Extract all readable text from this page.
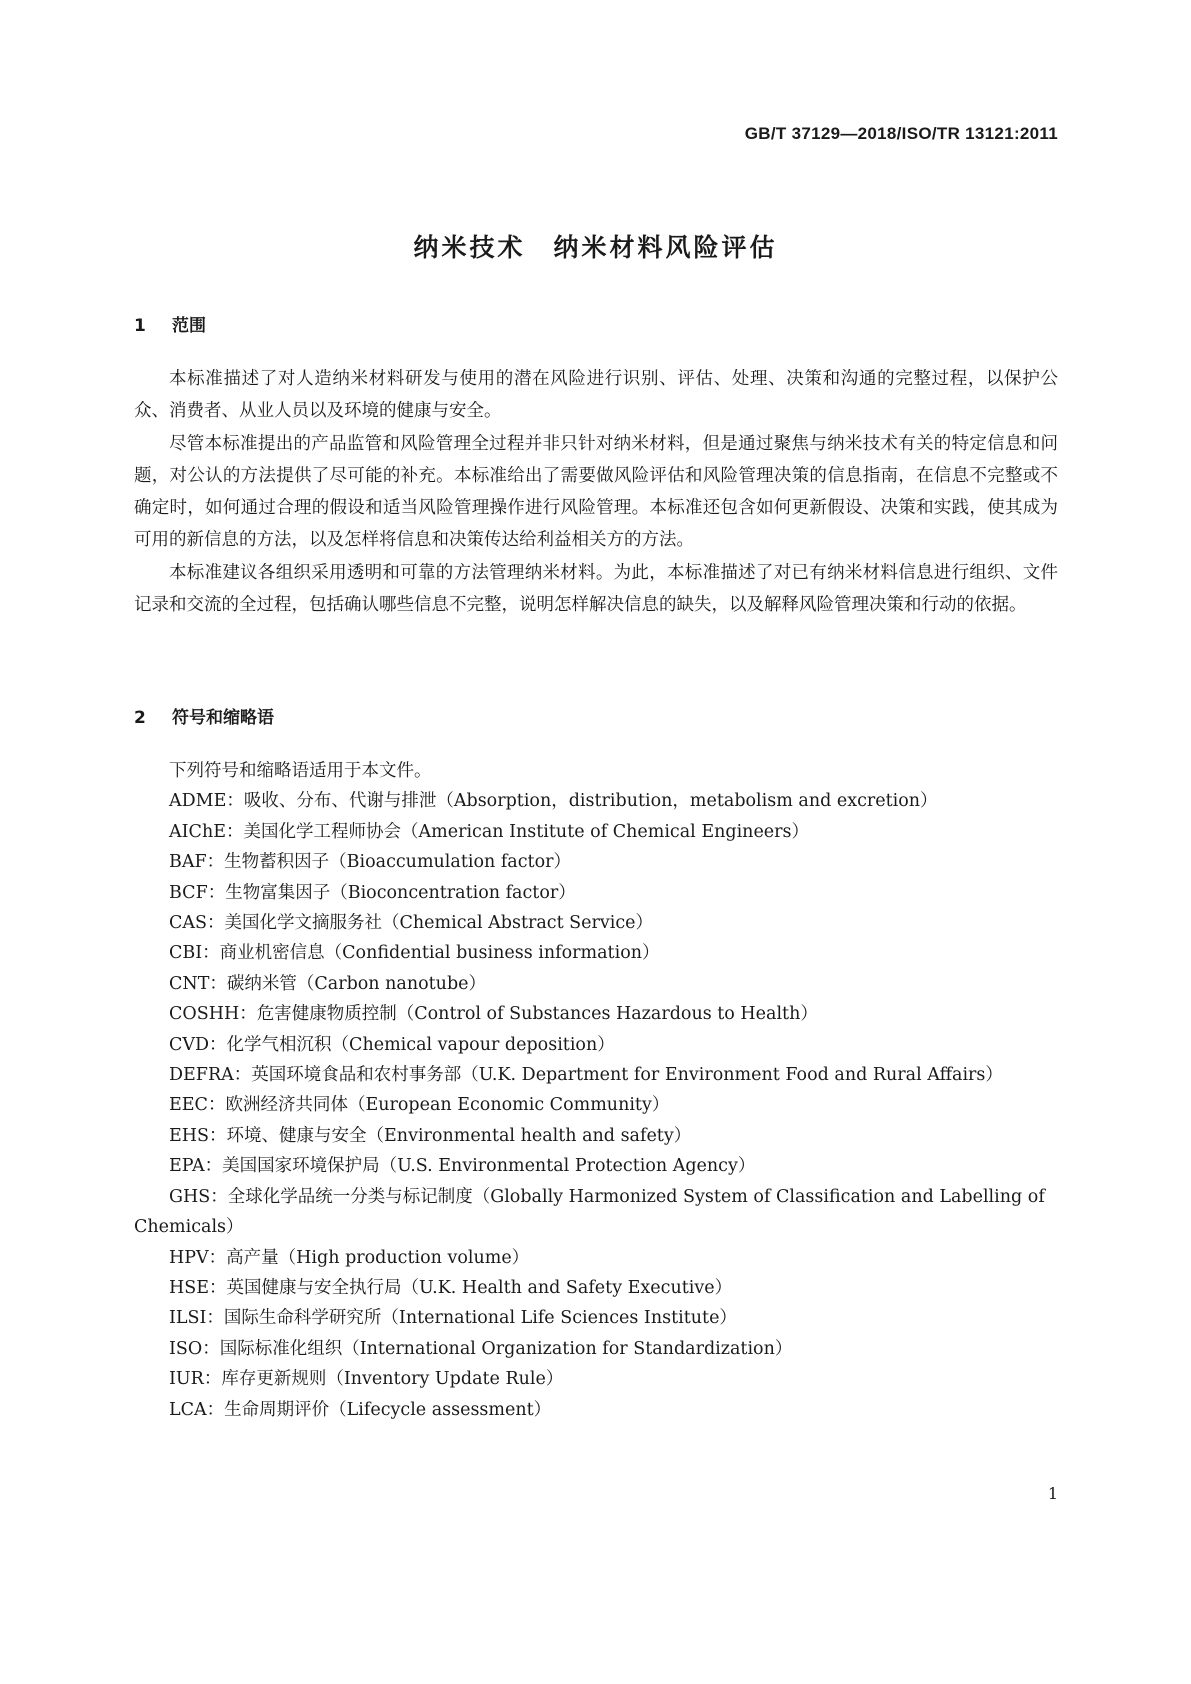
GB/T 37129—2018/ISO/TR 13121:2011
纳米技术　纳米材料风险评估
1 范围

本标准描述了对人造纳米材料研发与使用的潜在风险进行识别、评估、处理、决策和沟通的完整过程，以保护公众、消费者、从业人员以及环境的健康与安全。

尽管本标准提出的产品监管和风险管理全过程并非只针对纳米材料，但是通过聚焦与纳米技术有关的特定信息和问题，对公认的方法提供了尽可能的补充。本标准给出了需要做风险评估和风险管理决策的信息指南，在信息不完整或不确定时，如何通过合理的假设和适当风险管理操作进行风险管理。本标准还包含如何更新假设、决策和实践，使其成为可用的新信息的方法，以及怎样将信息和决策传达给利益相关方的方法。

本标准建议各组织采用透明和可靠的方法管理纳米材料。为此，本标准描述了对已有纳米材料信息进行组织、文件记录和交流的全过程，包括确认哪些信息不完整，说明怎样解决信息的缺失，以及解释风险管理决策和行动的依据。

2 符号和缩略语

下列符号和缩略语适用于本文件。

ADME：吸收、分布、代谢与排泄（Absorption，distribution，metabolism and excretion）

AIChE：美国化学工程师协会（American Institute of Chemical Engineers）

BAF：生物蓄积因子（Bioaccumulation factor）

BCF：生物富集因子（Bioconcentration factor）

CAS：美国化学文摘服务社（Chemical Abstract Service）

CBI：商业机密信息（Confidential business information）

CNT：碳纳米管（Carbon nanotube）

COSHH：危害健康物质控制（Control of Substances Hazardous to Health）

CVD：化学气相沉积（Chemical vapour deposition）

DEFRA：英国环境食品和农村事务部（U.K. Department for Environment Food and Rural Affairs）

EEC：欧洲经济共同体（European Economic Community）

EHS：环境、健康与安全（Environmental health and safety）

EPA：美国国家环境保护局（U.S. Environmental Protection Agency）

GHS：全球化学品统一分类与标记制度（Globally Harmonized System of Classification and Labelling of Chemicals）

HPV：高产量（High production volume）

HSE：英国健康与安全执行局（U.K. Health and Safety Executive）

ILSI：国际生命科学研究所（International Life Sciences Institute）

ISO：国际标准化组织（International Organization for Standardization）

IUR：库存更新规则（Inventory Update Rule）

LCA：生命周期评价（Lifecycle assessment）

1
